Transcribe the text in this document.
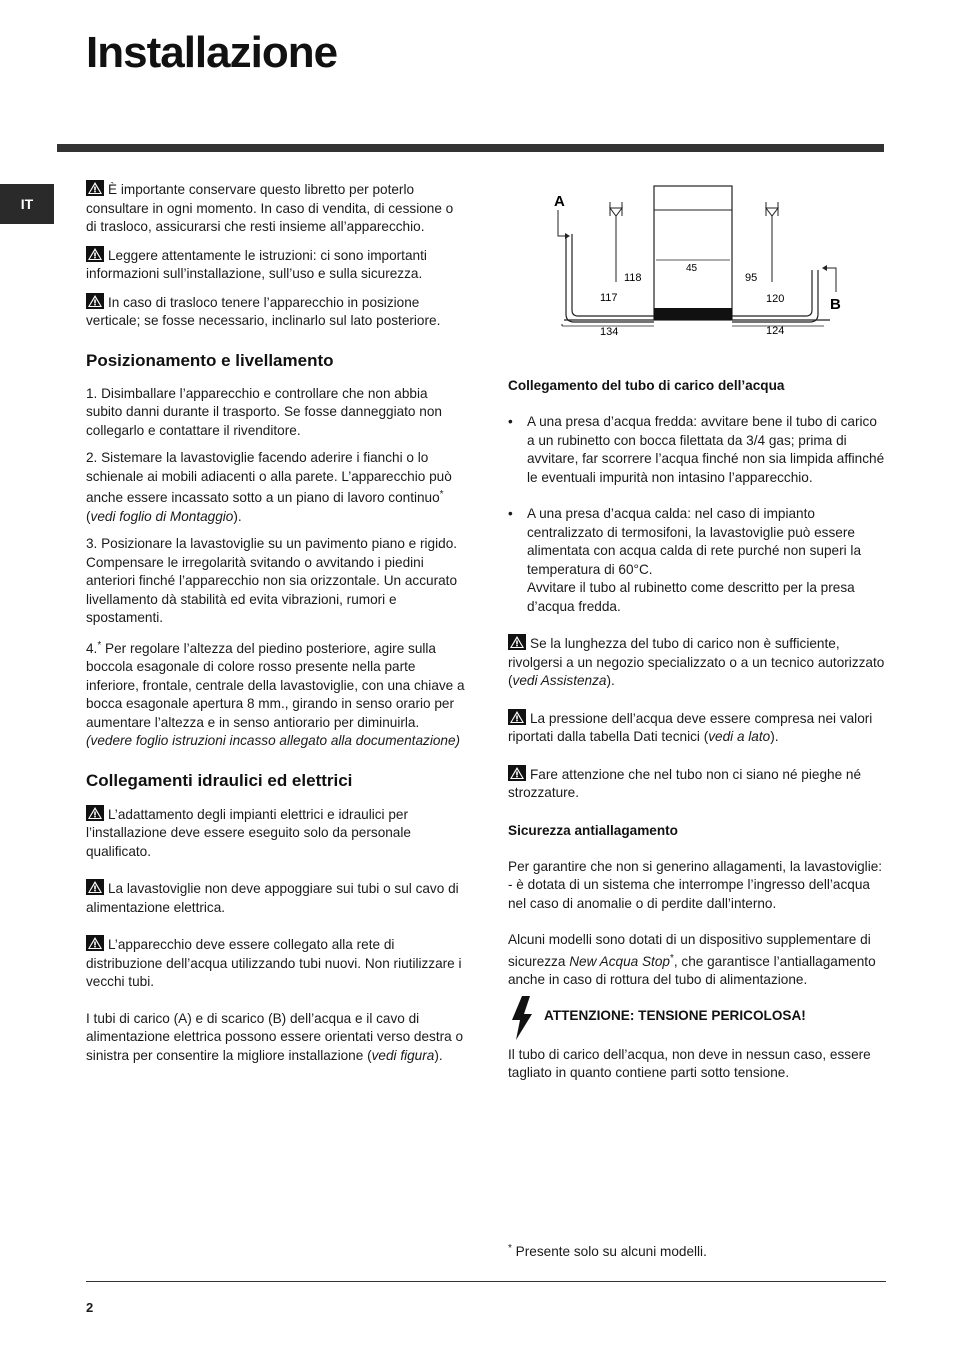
Installazione
IT

È importante conservare questo libretto per poterlo consultare in ogni momento. In caso di vendita, di cessione o di trasloco, assicurarsi che resti insieme all’apparecchio.

Leggere attentamente le istruzioni: ci sono importanti informazioni sull’installazione, sull’uso e sulla sicurezza.

In caso di trasloco tenere l’apparecchio in posizione verticale; se fosse necessario, inclinarlo sul lato posteriore.

Posizionamento e livellamento

1. Disimballare l’apparecchio e controllare che non abbia subito danni durante il trasporto. Se fosse danneggiato non collegarlo e contattare il rivenditore.

2. Sistemare la lavastoviglie facendo aderire i fianchi o lo schienale ai mobili adiacenti o alla parete. L’apparecchio può anche essere incassato sotto a un piano di lavoro continuo* (vedi foglio di Montaggio).

3. Posizionare la lavastoviglie su un pavimento piano e rigido. Compensare le irregolarità svitando o avvitando i piedini anteriori finché l’apparecchio non sia orizzontale. Un accurato livellamento dà stabilità ed evita vibrazioni, rumori e spostamenti.

4.* Per regolare l’altezza del piedino posteriore, agire sulla boccola esagonale di colore rosso presente nella parte inferiore, frontale, centrale della lavastoviglie, con una chiave a bocca esagonale apertura 8 mm., girando in senso orario per aumentare l’altezza e in senso antiorario per diminuirla. (vedere foglio istruzioni incasso allegato alla documentazione)

Collegamenti idraulici ed elettrici

L’adattamento degli impianti elettrici e idraulici per l’installazione deve essere eseguito solo da personale qualificato.

La lavastoviglie non deve appoggiare sui tubi o sul cavo di alimentazione elettrica.

L’apparecchio deve essere collegato alla rete di distribuzione dell’acqua utilizzando tubi nuovi. Non riutilizzare i vecchi tubi.

I tubi di carico (A) e di scarico (B) dell’acqua e il cavo di alimentazione elettrica possono essere orientati verso destra o sinistra per consentire la migliore installazione (vedi figura).

A
B
45
118	95
117	120
134	124
Collegamento del tubo di carico dell’acqua
• A una presa d’acqua fredda: avvitare bene il tubo di carico a un rubinetto con bocca filettata da 3/4 gas; prima di avvitare, far scorrere l’acqua finché non sia limpida affinché le eventuali impurità non intasino l’apparecchio.
• A una presa d’acqua calda: nel caso di impianto centralizzato di termosifoni, la lavastoviglie può essere alimentata con acqua calda di rete purché non superi la temperatura di 60°C.
Avvitare il tubo al rubinetto come descritto per la presa d’acqua fredda.

Se la lunghezza del tubo di carico non è sufficiente, rivolgersi a un negozio specializzato o a un tecnico autorizzato (vedi Assistenza).

La pressione dell’acqua deve essere compresa nei valori riportati dalla tabella Dati tecnici (vedi a lato).

Fare attenzione che nel tubo non ci siano né pieghe né strozzature.

Sicurezza antiallagamento

Per garantire che non si generino allagamenti, la lavastoviglie:
- è dotata di un sistema che interrompe l’ingresso dell’acqua nel caso di anomalie o di perdite dall’interno.

Alcuni modelli sono dotati di un dispositivo supplementare di sicurezza New Acqua Stop*, che garantisce l’antiallagamento anche in caso di rottura del tubo di alimentazione.

ATTENZIONE: TENSIONE PERICOLOSA!

Il tubo di carico dell’acqua, non deve in nessun caso, essere tagliato in quanto contiene parti sotto tensione.

* Presente solo su alcuni modelli.

2
